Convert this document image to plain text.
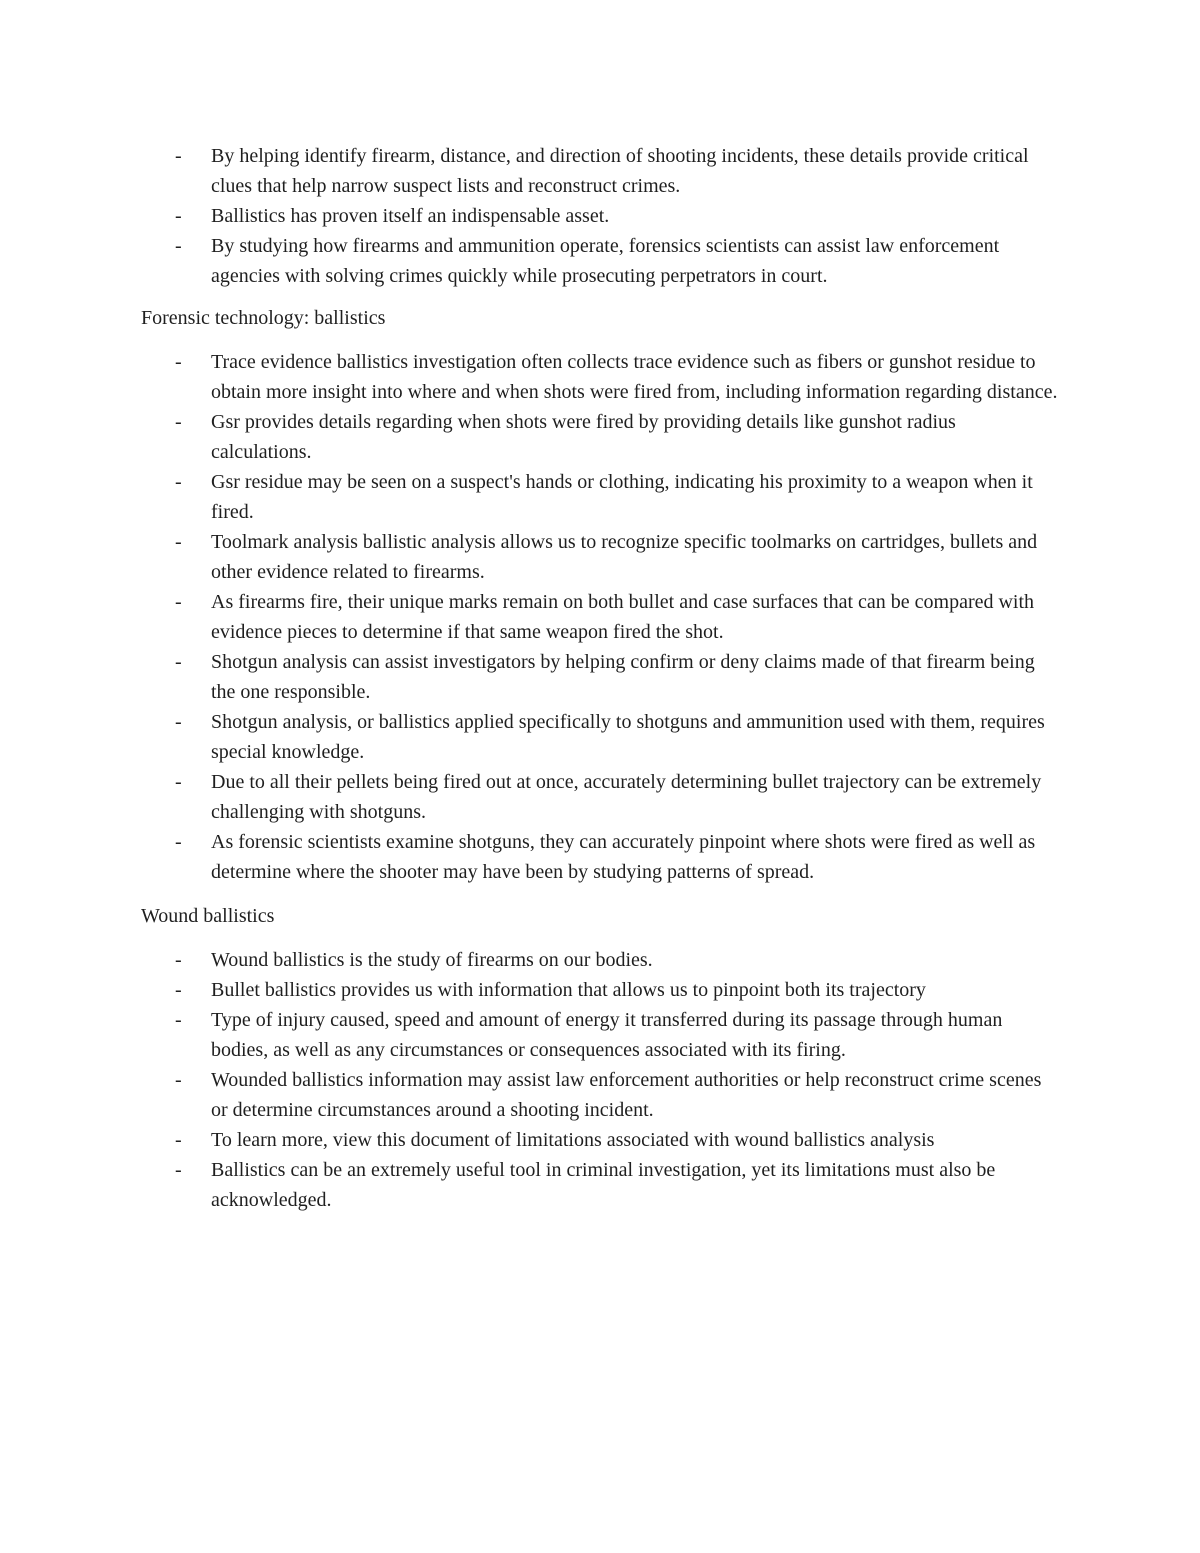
- By helping identify firearm, distance, and direction of shooting incidents, these details provide critical clues that help narrow suspect lists and reconstruct crimes.
- Ballistics has proven itself an indispensable asset.
- By studying how firearms and ammunition operate, forensics scientists can assist law enforcement agencies with solving crimes quickly while prosecuting perpetrators in court.

Forensic technology: ballistics

- Trace evidence ballistics investigation often collects trace evidence such as fibers or gunshot residue to obtain more insight into where and when shots were fired from, including information regarding distance.
- Gsr provides details regarding when shots were fired by providing details like gunshot radius calculations.
- Gsr residue may be seen on a suspect's hands or clothing, indicating his proximity to a weapon when it fired.
- Toolmark analysis ballistic analysis allows us to recognize specific toolmarks on cartridges, bullets and other evidence related to firearms.
- As firearms fire, their unique marks remain on both bullet and case surfaces that can be compared with evidence pieces to determine if that same weapon fired the shot.
- Shotgun analysis can assist investigators by helping confirm or deny claims made of that firearm being the one responsible.
- Shotgun analysis, or ballistics applied specifically to shotguns and ammunition used with them, requires special knowledge.
- Due to all their pellets being fired out at once, accurately determining bullet trajectory can be extremely challenging with shotguns.
- As forensic scientists examine shotguns, they can accurately pinpoint where shots were fired as well as determine where the shooter may have been by studying patterns of spread.

Wound ballistics

- Wound ballistics is the study of firearms on our bodies.
- Bullet ballistics provides us with information that allows us to pinpoint both its trajectory
- Type of injury caused, speed and amount of energy it transferred during its passage through human bodies, as well as any circumstances or consequences associated with its firing.
- Wounded ballistics information may assist law enforcement authorities or help reconstruct crime scenes or determine circumstances around a shooting incident.
- To learn more, view this document of limitations associated with wound ballistics analysis
- Ballistics can be an extremely useful tool in criminal investigation, yet its limitations must also be acknowledged.
